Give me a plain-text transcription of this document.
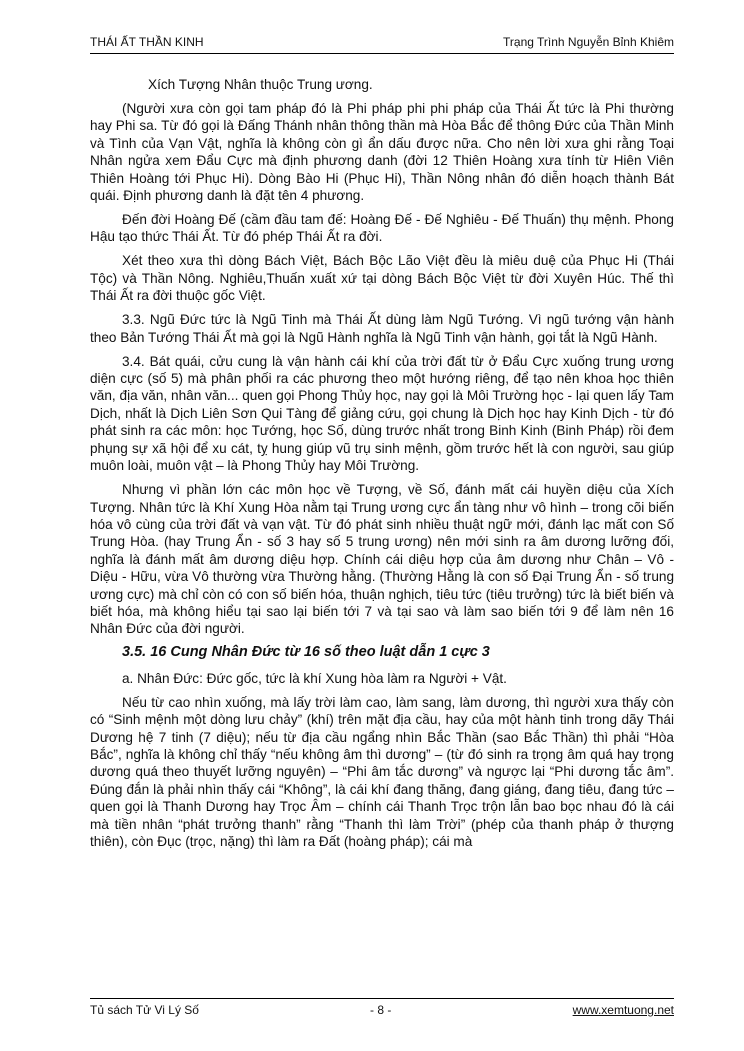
THÁI ẤT THẦN KINH	Trạng Trình Nguyễn Bỉnh Khiêm

Xích Tượng Nhân thuộc Trung ương.

(Người xưa còn gọi tam pháp đó là Phi pháp phi phi pháp của Thái Ất tức là Phi thường hay Phi sa. Từ đó gọi là Đấng Thánh nhân thông thần mà Hòa Bắc để thông Đức của Thần Minh và Tình của Vạn Vật, nghĩa là không còn gì ẩn dấu được nữa. Cho nên lời xưa ghi rằng Toại Nhân ngửa xem Đẩu Cực mà định phương danh (đời 12 Thiên Hoàng xưa tính từ Hiên Viên Thiên Hoàng tới Phục Hi). Dòng Bào Hi (Phục Hi), Thần Nông nhân đó diễn hoạch thành Bát quái. Định phương danh là đặt tên 4 phương.

Đến đời Hoàng Đế (cầm đầu tam đế: Hoàng Đế - Đế Nghiêu - Đế Thuấn) thụ mệnh. Phong Hậu tạo thức Thái Ất. Từ đó phép Thái Ất ra đời.

Xét theo xưa thì dòng Bách Việt, Bách Bộc Lão Việt đều là miêu duệ của Phục Hi (Thái Tộc) và Thần Nông. Nghiêu,Thuấn xuất xứ tại dòng Bách Bộc Việt từ đời Xuyên Húc. Thế thì Thái Ất ra đời thuộc gốc Việt.

3.3. Ngũ Đức tức là Ngũ Tinh mà Thái Ất dùng làm Ngũ Tướng. Vì ngũ tướng vận hành theo Bản Tướng Thái Ất mà gọi là Ngũ Hành nghĩa là Ngũ Tinh vận hành, gọi tắt là Ngũ Hành.

3.4. Bát quái, cửu cung là vận hành cái khí của trời đất từ ở Đẩu Cực xuống trung ương diện cực (số 5) mà phân phối ra các phương theo một hướng riêng, để tạo nên khoa học thiên văn, địa văn, nhân văn... quen gọi Phong Thủy học, nay gọi là Môi Trường học - lại quen lấy Tam Dịch, nhất là Dịch Liên Sơn Qui Tàng để giảng cứu, gọi chung là Dịch học hay Kinh Dịch - từ đó phát sinh ra các môn: học Tướng, học Số, dùng trước nhất trong Binh Kinh (Binh Pháp) rồi đem phụng sự xã hội để xu cát, tỵ hung giúp vũ trụ sinh mệnh, gồm trước hết là con người, sau giúp muôn loài, muôn vật – là Phong Thủy hay Môi Trường.

Nhưng vì phần lớn các môn học về Tượng, về Số, đánh mất cái huyền diệu của Xích Tượng. Nhân tức là Khí Xung Hòa nằm tại Trung ương cực ẩn tàng như vô hình – trong cõi biến hóa vô cùng của trời đất và vạn vật. Từ đó phát sinh nhiều thuật ngữ mới, đánh lạc mất con Số Trung Hòa. (hay Trung Ẩn - số 3 hay số 5 trung ương) nên mới sinh ra âm dương lưỡng đối, nghĩa là đánh mất âm dương diệu hợp. Chính cái diệu hợp của âm dương như Chân – Vô - Diệu - Hữu, vừa Vô thường vừa Thường hằng. (Thường Hằng là con số Đại Trung Ẩn - số trung ương cực) mà chỉ còn có con số biến hóa, thuận nghịch, tiêu tức (tiêu trưởng) tức là biết biến và biết hóa, mà không hiểu tại sao lại biến tới 7 và tại sao và làm sao biến tới 9 để làm nên 16 Nhân Đức của đời người.

3.5. 16 Cung Nhân Đức từ 16 số theo luật dẫn 1 cực 3

a. Nhân Đức: Đức gốc, tức là khí Xung hòa làm ra Người + Vật.

Nếu từ cao nhìn xuống, mà lấy trời làm cao, làm sang, làm dương, thì người xưa thấy còn có “Sinh mệnh một dòng lưu chảy” (khí) trên mặt địa cầu, hay của một hành tinh trong dãy Thái Dương hệ 7 tinh (7 diệu); nếu từ địa cầu ngẩng nhìn Bắc Thần (sao Bắc Thần) thì phải “Hòa Bắc”, nghĩa là không chỉ thấy “nếu không âm thì dương” – (từ đó sinh ra trọng âm quá hay trọng dương quá theo thuyết lưỡng nguyên) – “Phi âm tắc dương” và ngược lại “Phi dương tắc âm”. Đúng đắn là phải nhìn thấy cái “Không”, là cái khí đang thăng, đang giáng, đang tiêu, đang tức – quen gọi là Thanh Dương hay Trọc Âm – chính cái Thanh Trọc trộn lẫn bao bọc nhau đó là cái mà tiền nhân “phát trưởng thanh” rằng “Thanh thì làm Trời” (phép của thanh pháp ở thượng thiên), còn Đục (trọc, nặng) thì làm ra Đất (hoàng pháp); cái mà

Tủ sách Tử Vi Lý Số	- 8 -	www.xemtuong.net
